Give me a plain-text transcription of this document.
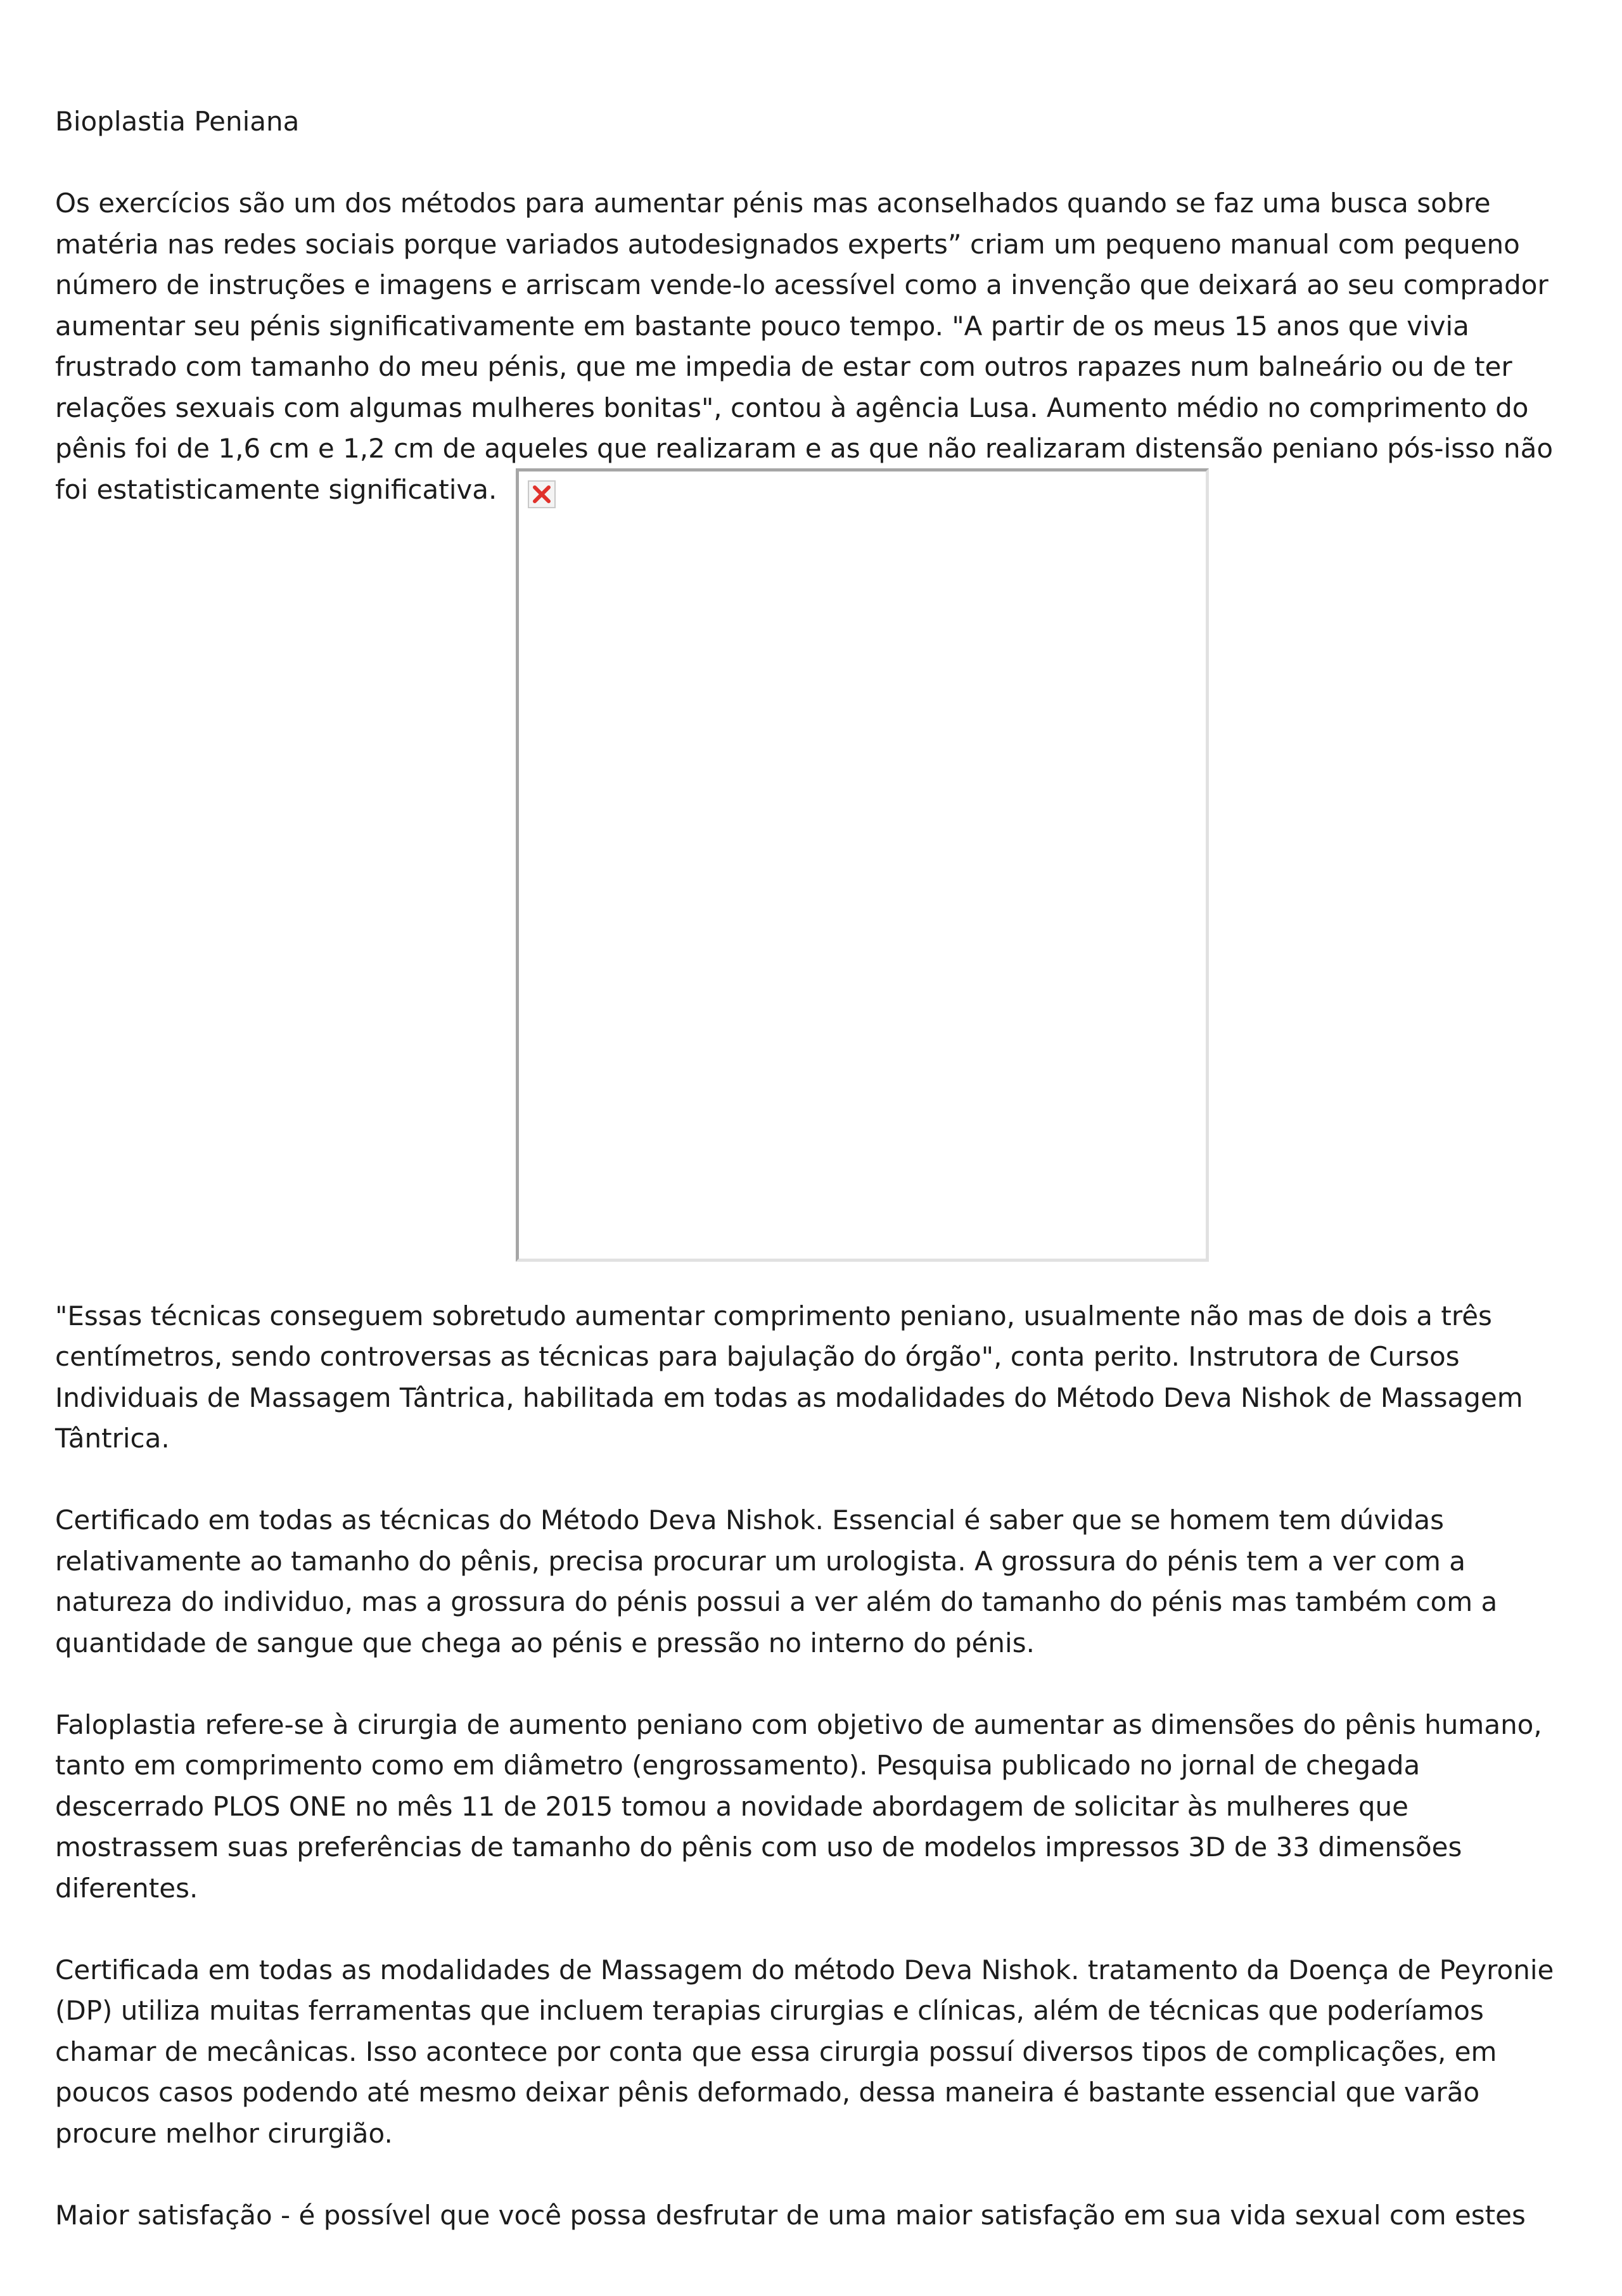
Bioplastia Peniana

Os exercícios são um dos métodos para aumentar pénis mas aconselhados quando se faz uma busca sobre matéria nas redes sociais porque variados autodesignados experts” criam um pequeno manual com pequeno número de instruções e imagens e arriscam vende-lo acessível como a invenção que deixará ao seu comprador aumentar seu pénis significativamente em bastante pouco tempo. "A partir de os meus 15 anos que vivia frustrado com tamanho do meu pénis, que me impedia de estar com outros rapazes num balneário ou de ter relações sexuais com algumas mulheres bonitas", contou à agência Lusa. Aumento médio no comprimento do pênis foi de 1,6 cm e 1,2 cm de aqueles que realizaram e as que não realizaram distensão peniano pós-isso não foi estatisticamente significativa.

"Essas técnicas conseguem sobretudo aumentar comprimento peniano, usualmente não mas de dois a três centímetros, sendo controversas as técnicas para bajulação do órgão", conta perito. Instrutora de Cursos Individuais de Massagem Tântrica, habilitada em todas as modalidades do Método Deva Nishok de Massagem Tântrica.

Certificado em todas as técnicas do Método Deva Nishok. Essencial é saber que se homem tem dúvidas relativamente ao tamanho do pênis, precisa procurar um urologista. A grossura do pénis tem a ver com a natureza do individuo, mas a grossura do pénis possui a ver além do tamanho do pénis mas também com a quantidade de sangue que chega ao pénis e pressão no interno do pénis.

Faloplastia refere-se à cirurgia de aumento peniano com objetivo de aumentar as dimensões do pênis humano, tanto em comprimento como em diâmetro (engrossamento). Pesquisa publicado no jornal de chegada descerrado PLOS ONE no mês 11 de 2015 tomou a novidade abordagem de solicitar às mulheres que mostrassem suas preferências de tamanho do pênis com uso de modelos impressos 3D de 33 dimensões diferentes.

Certificada em todas as modalidades de Massagem do método Deva Nishok. tratamento da Doença de Peyronie (DP) utiliza muitas ferramentas que incluem terapias cirurgias e clínicas, além de técnicas que poderíamos chamar de mecânicas. Isso acontece por conta que essa cirurgia possuí diversos tipos de complicações, em poucos casos podendo até mesmo deixar pênis deformado, dessa maneira é bastante essencial que varão procure melhor cirurgião.

Maior satisfação - é possível que você possa desfrutar de uma maior satisfação em sua vida sexual com estes
